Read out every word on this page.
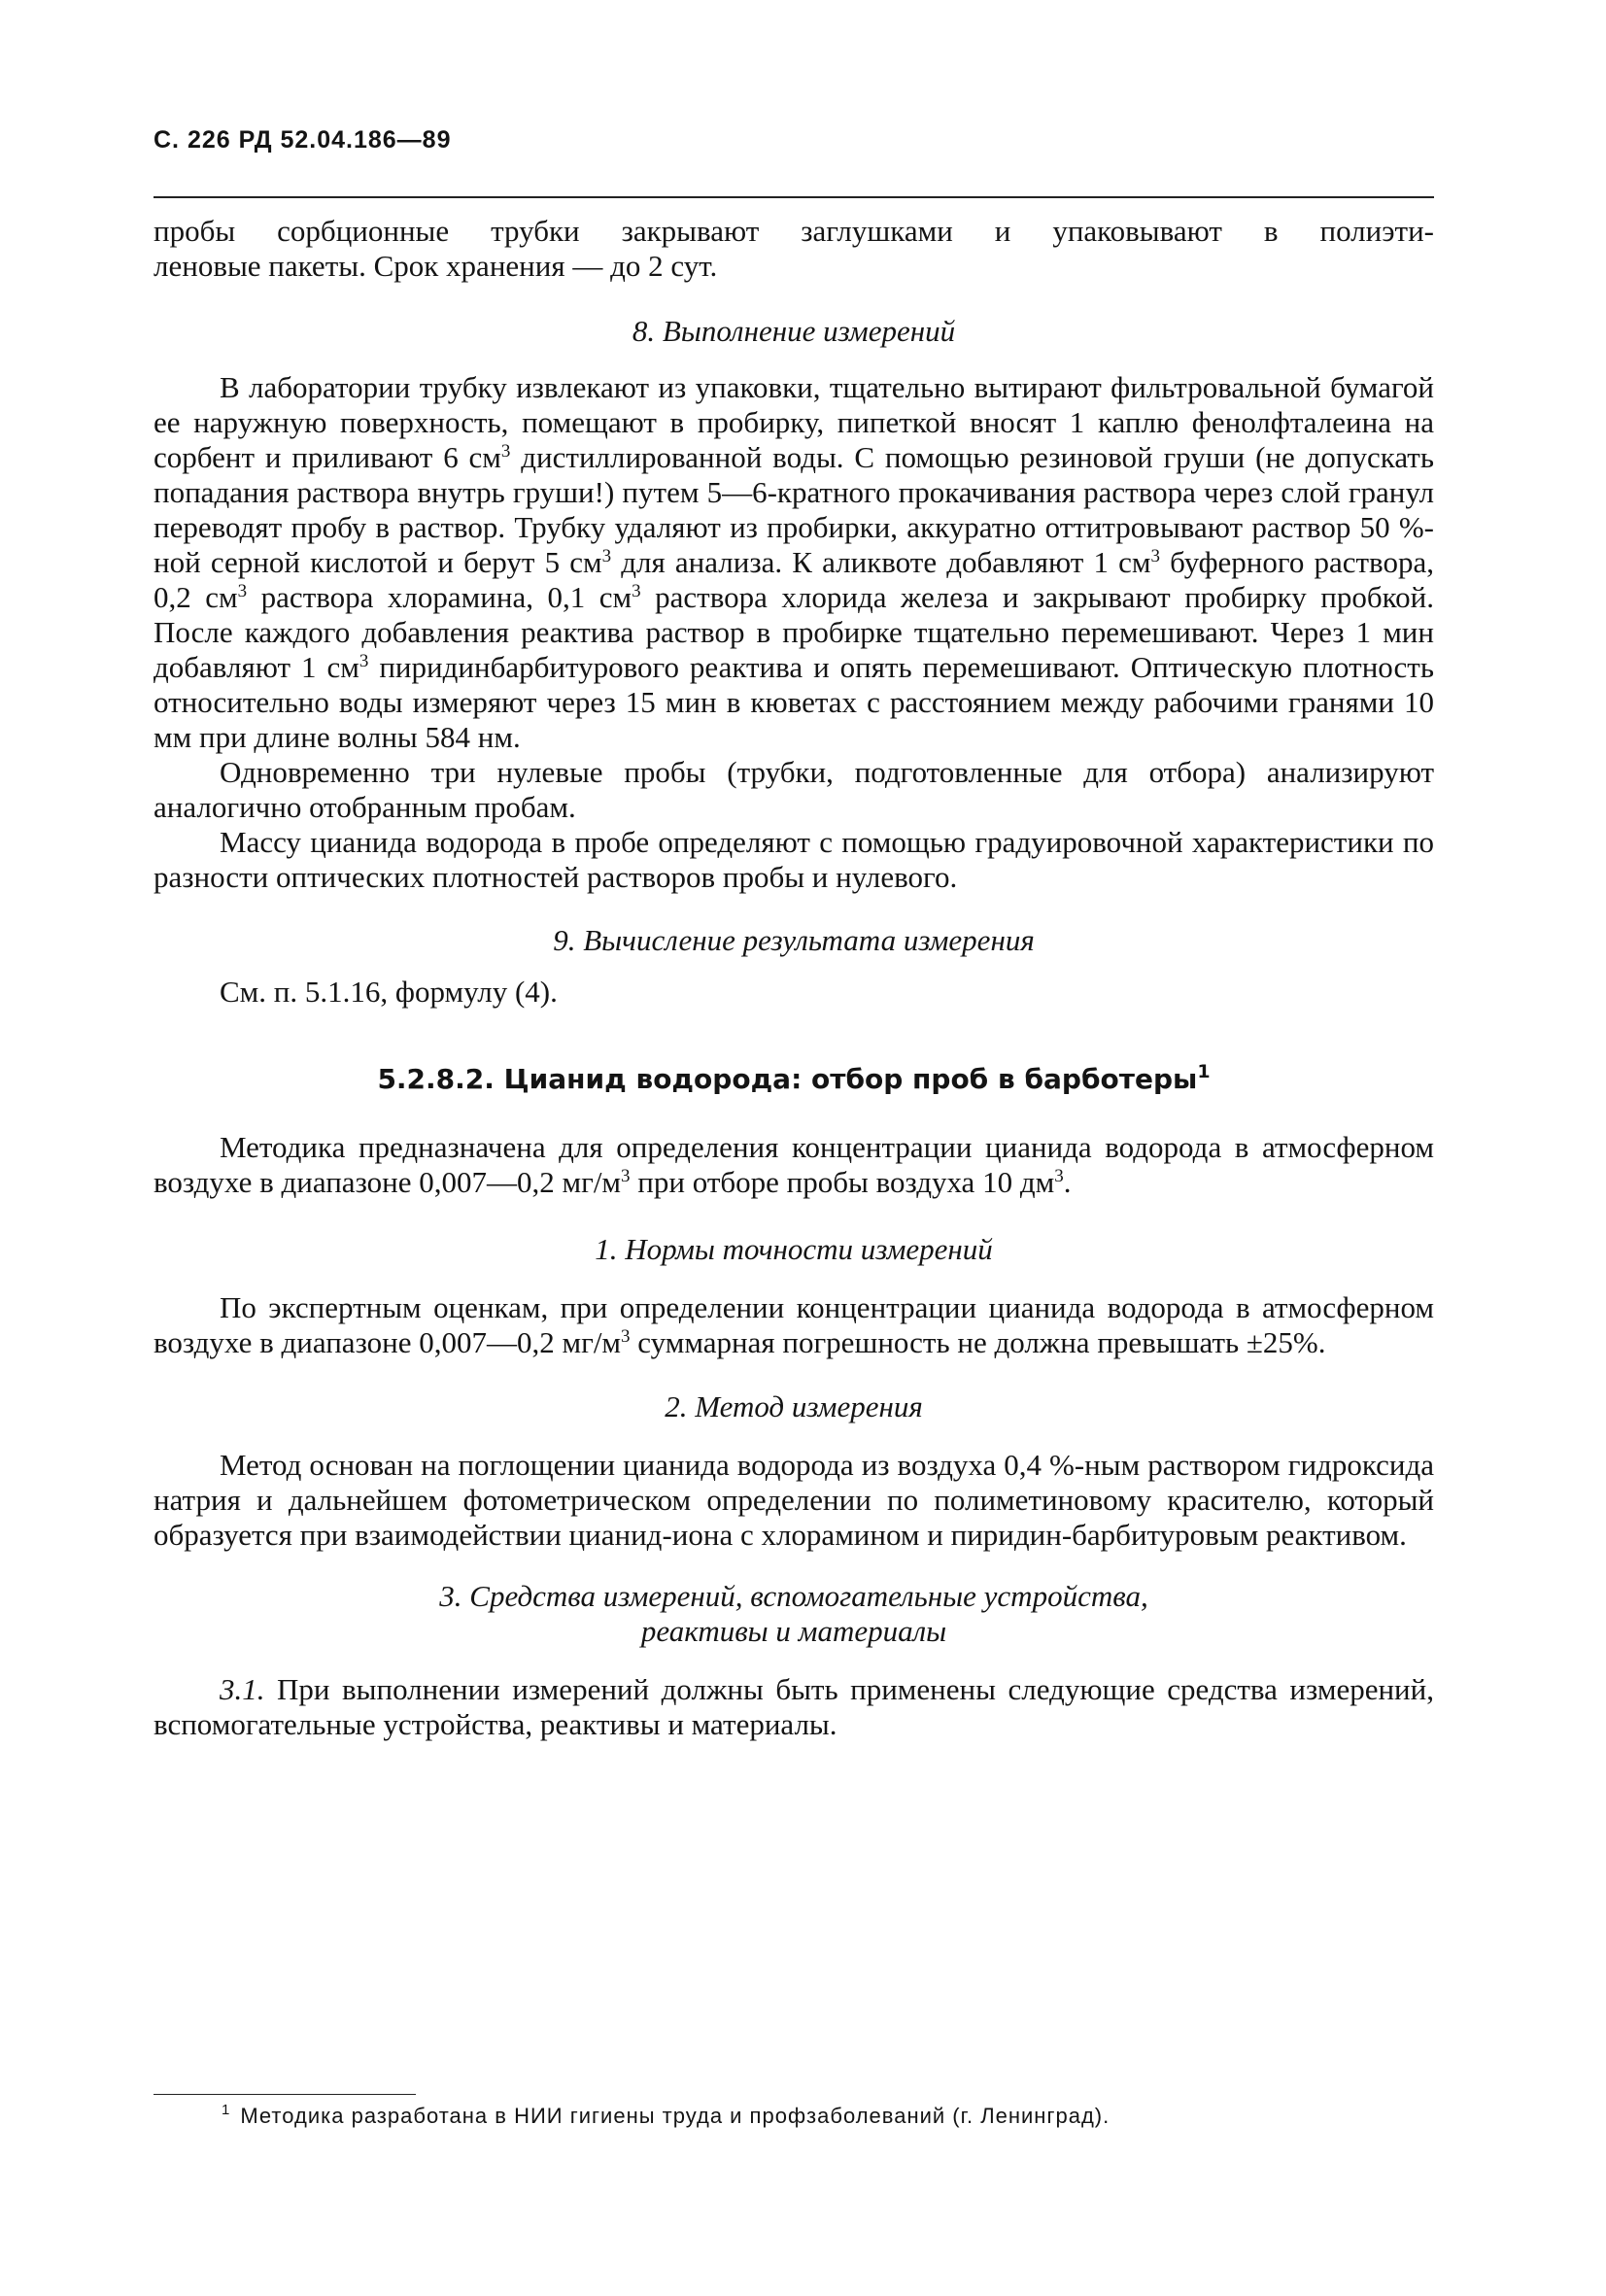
С. 226 РД 52.04.186—89

пробы сорбционные трубки закрывают заглушками и упаковывают в полиэти-

леновые пакеты. Срок хранения — до 2 сут.

8. Выполнение измерений

В лаборатории трубку извлекают из упаковки, тщательно вытирают фильтровальной бумагой ее наружную поверхность, помещают в пробирку, пипеткой вносят 1 каплю фенолфталеина на сорбент и приливают 6 $см^3$ дистиллированной воды. С помощью резиновой груши (не допускать попадания раствора внутрь груши!) путем 5—6-кратного прокачивания раствора через слой гранул переводят пробу в раствор. Трубку удаляют из пробирки, аккуратно оттитровывают раствор 50 %-ной серной кислотой и берут 5 $см^3$ для анализа. К аликвоте добавляют 1 $см^3$ буферного раствора, 0,2 $см^3$ раствора хлорамина, 0,1 $см^3$ раствора хлорида железа и закрывают пробирку пробкой. После каждого добавления реактива раствор в пробирке тщательно перемешивают. Через 1 мин добавляют 1 $см^3$ пиридинбарбитурового реактива и опять перемешивают. Оптическую плотность относительно воды измеряют через 15 мин в кюветах с расстоянием между рабочими гранями 10 мм при длине волны 584 нм.

Одновременно три нулевые пробы (трубки, подготовленные для отбора) анализируют аналогично отобранным пробам.

Массу цианида водорода в пробе определяют с помощью градуировочной характеристики по разности оптических плотностей растворов пробы и нулевого.

9. Вычисление результата измерения

См. п. 5.1.16, формулу (4).

5.2.8.2. Цианид водорода: отбор проб в барботеры$^1$

Методика предназначена для определения концентрации цианида водорода в атмосферном воздухе в диапазоне 0,007—0,2 $мг/м^3$ при отборе пробы воздуха 10 $дм^3$.

1. Нормы точности измерений

По экспертным оценкам, при определении концентрации цианида водорода в атмосферном воздухе в диапазоне 0,007—0,2 $мг/м^3$ суммарная погрешность не должна превышать ±25%.

2. Метод измерения

Метод основан на поглощении цианида водорода из воздуха 0,4 %-ным раствором гидроксида натрия и дальнейшем фотометрическом определении по полиметиновому красителю, который образуется при взаимодействии цианид-иона с хлорамином и пиридин-барбитуровым реактивом.

3. Средства измерений, вспомогательные устройства,

реактивы и материалы

3.1. При выполнении измерений должны быть применены следующие средства измерений, вспомогательные устройства, реактивы и материалы.

$^1$ Методика разработана в НИИ гигиены труда и профзаболеваний (г. Ленинград).
